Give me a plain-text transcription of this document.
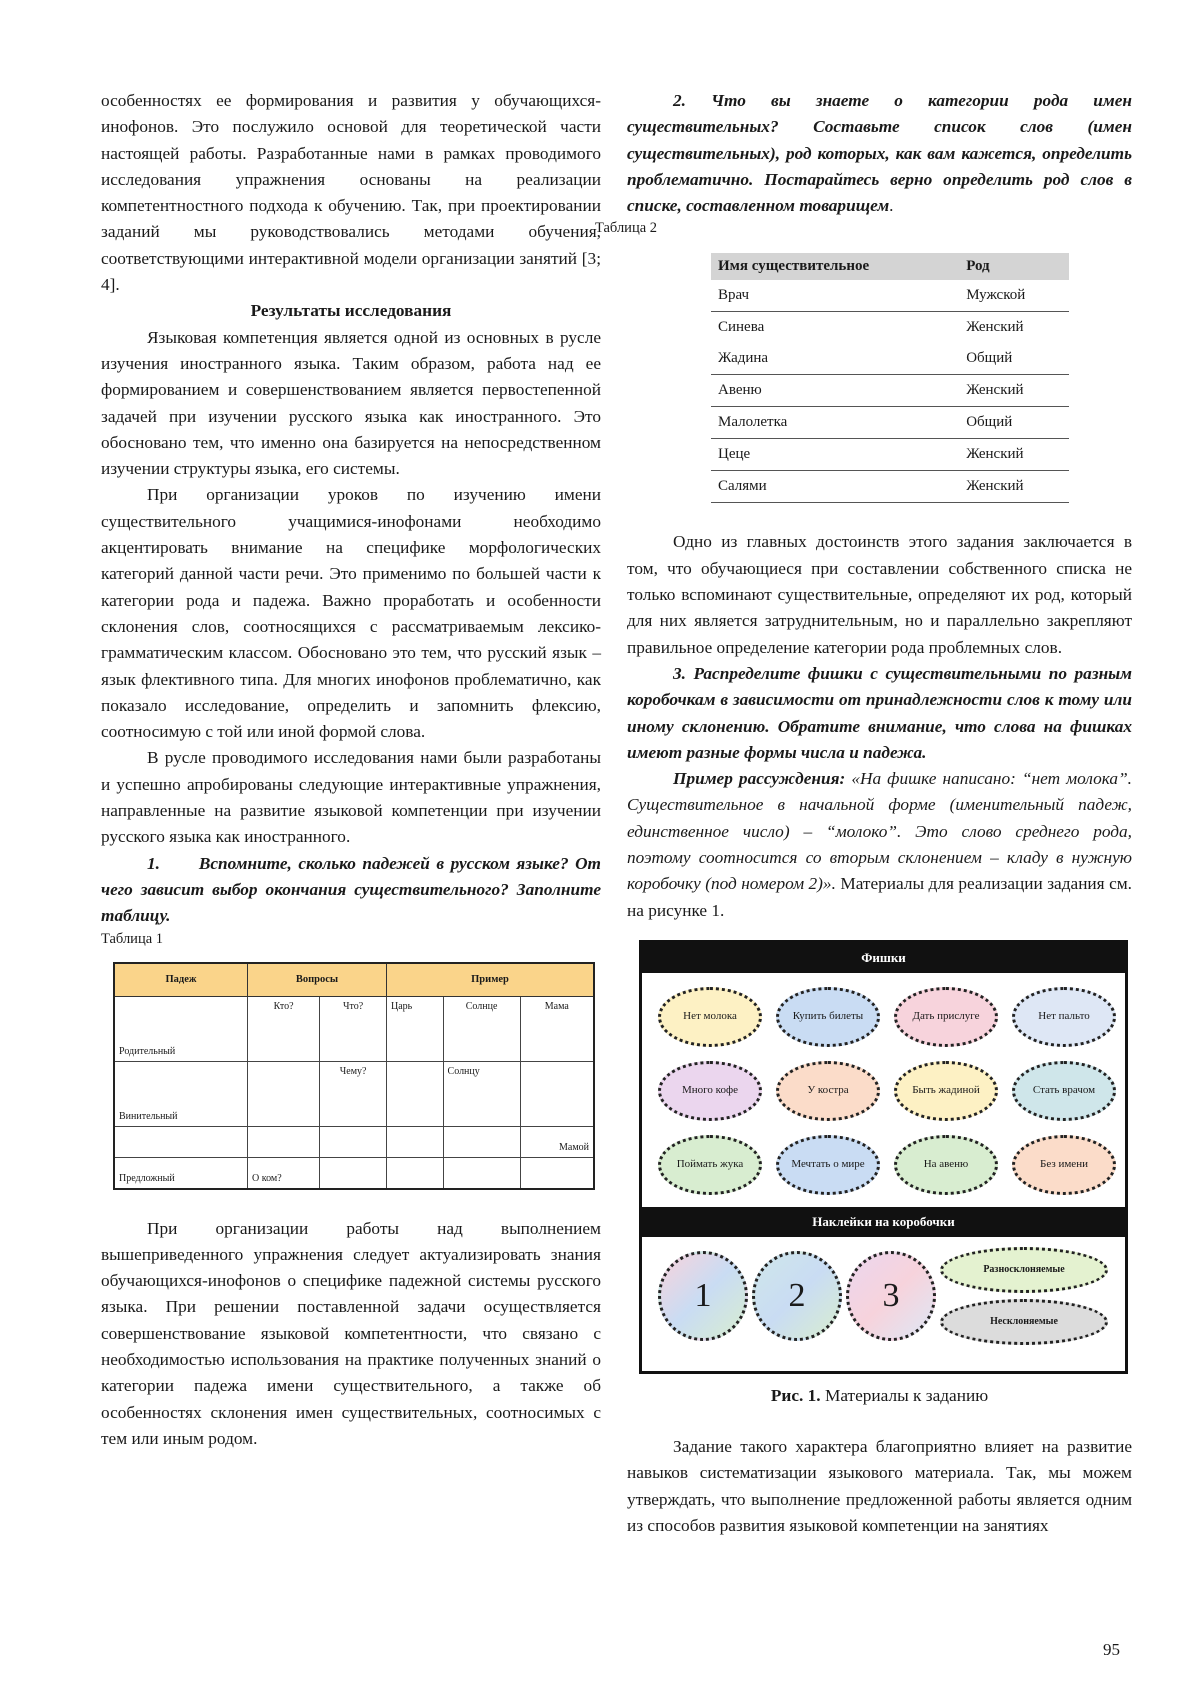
особенностях ее формирования и развития у обучающихся-инофонов. Это послужило основой для теоретической части настоящей работы. Разработанные нами в рамках проводимого исследования упражнения основаны на реализации компетентностного подхода к обучению. Так, при проектировании заданий мы руководствовались методами обучения, соответствующими интерактивной модели организации занятий [3; 4].

Результаты исследования

Языковая компетенция является одной из основных в русле изучения иностранного языка. Таким образом, работа над ее формированием и совершенствованием является первостепенной задачей при изучении русского языка как иностранного. Это обосновано тем, что именно она базируется на непосредственном изучении структуры языка, его системы.

При организации уроков по изучению имени существительного учащимися-инофонами необходимо акцентировать внимание на специфике морфологических категорий данной части речи. Это применимо по большей части к категории рода и падежа. Важно проработать и особенности склонения слов, соотносящихся с рассматриваемым лексико-грамматическим классом. Обосновано это тем, что русский язык – язык флективного типа. Для многих инофонов проблематично, как показало исследование, определить и запомнить флексию, соотносимую с той или иной формой слова.

В русле проводимого исследования нами были разработаны и успешно апробированы следующие интерактивные упражнения, направленные на развитие языковой компетенции при изучении русского языка как иностранного.

1. Вспомните, сколько падежей в русском языке? От чего зависит выбор окончания существительного? Заполните таблицу.

Таблица 1
Падеж	Вопросы		Пример		
Родительный	Кто?	Что?	Царь	Солнце	Мама
Винительный		Чему?		Солнцу	
					Мамой
Предложный	О ком?				

При организации работы над выполнением вышеприведенного упражнения следует актуализировать знания обучающихся-инофонов о специфике падежной системы русского языка. При решении поставленной задачи осуществляется совершенствование языковой компетентности, что связано с необходимостью использования на практике полученных знаний о категории падежа имени существительного, а также об особенностях склонения имен существительных, соотносимых с тем или иным родом.

2. Что вы знаете о категории рода имен существительных? Составьте список слов (имен существительных), род которых, как вам кажется, определить проблематично. Постарайтесь верно определить род слов в списке, составленном товарищем.

Таблица 2
Имя существительное	Род
Врач	Мужской
Синева	Женский
Жадина	Общий
Авеню	Женский
Малолетка	Общий
Цеце	Женский
Салями	Женский

Одно из главных достоинств этого задания заключается в том, что обучающиеся при составлении собственного списка не только вспоминают существительные, определяют их род, который для них является затруднительным, но и параллельно закрепляют правильное определение категории рода проблемных слов.

3. Распределите фишки с существительными по разным коробочкам в зависимости от принадлежности слов к тому или иному склонению. Обратите внимание, что слова на фишках имеют разные формы числа и падежа.

Пример рассуждения: «На фишке написано: “нет молока”. Существительное в начальной форме (именительный падеж, единственное число) – “молоко”. Это слово среднего рода, поэтому соотносится со вторым склонением – кладу в нужную коробочку (под номером 2)». Материалы для реализации задания см. на рисунке 1.

Фишки
Нет молока	Купить билеты	Дать прислуге	Нет пальто
Много кофе	У костра	Быть жадиной	Стать врачом
Поймать жука	Мечтать о мире	На авеню	Без имени
Наклейки на коробочки
1	2	3
Разносклоняемые
Несклоняемые
Рис. 1. Материалы к заданию

Задание такого характера благоприятно влияет на развитие навыков систематизации языкового материала. Так, мы можем утверждать, что выполнение предложенной работы является одним из способов развития языковой компетенции на занятиях

95
